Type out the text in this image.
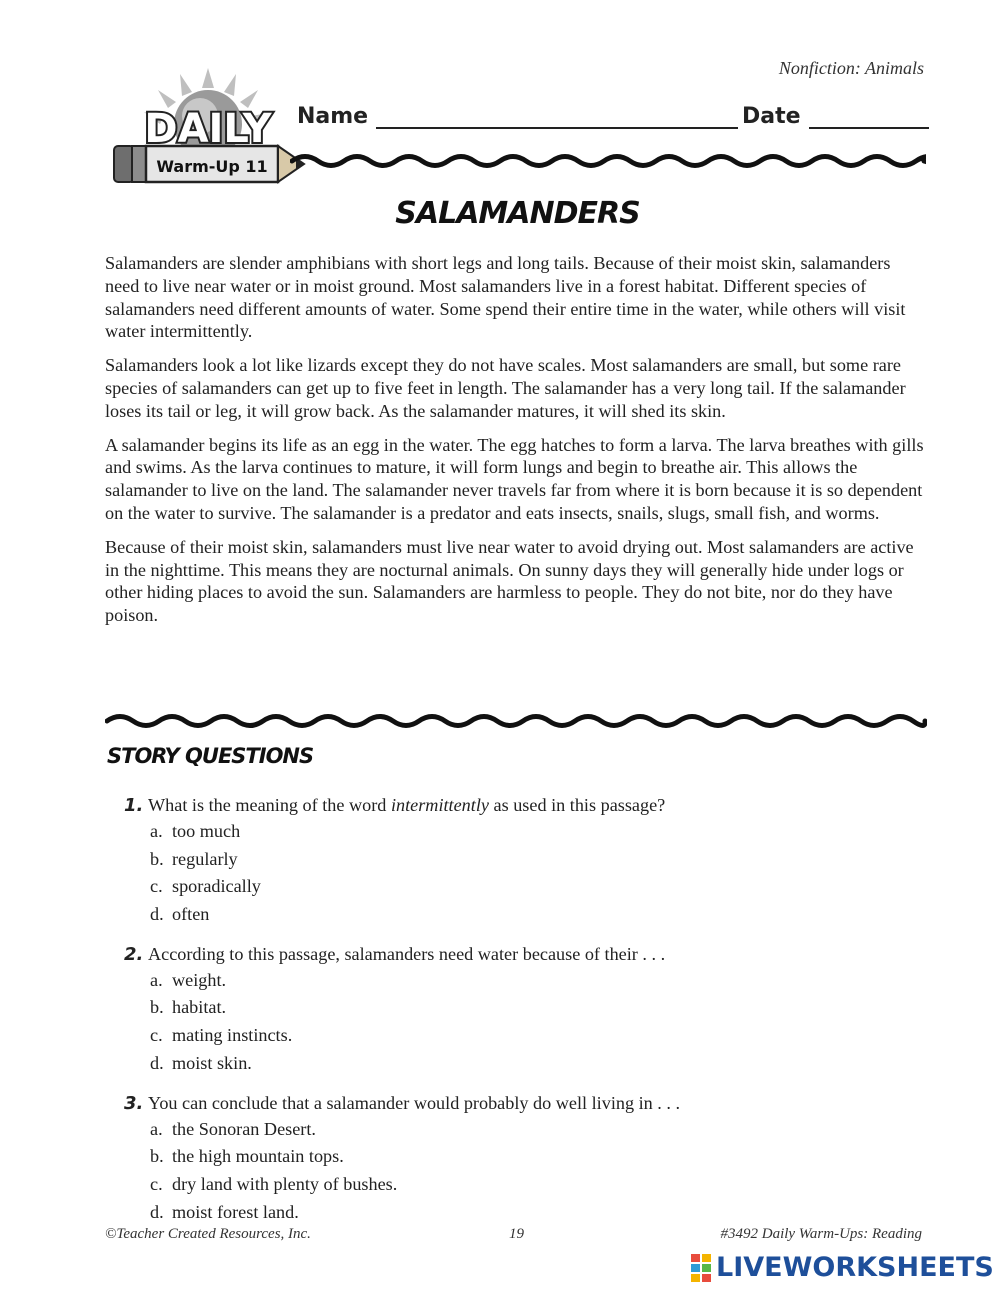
Nonfiction: Animals
DAILY
Warm-Up 11
Name	Date
SALAMANDERS

Salamanders are slender amphibians with short legs and long tails. Because of their moist skin, salamanders need to live near water or in moist ground. Most salamanders live in a forest habitat. Different species of salamanders need different amounts of water. Some spend their entire time in the water, while others will visit water intermittently.

Salamanders look a lot like lizards except they do not have scales. Most salamanders are small, but some rare species of salamanders can get up to five feet in length. The salamander has a very long tail. If the salamander loses its tail or leg, it will grow back. As the salamander matures, it will shed its skin.

A salamander begins its life as an egg in the water. The egg hatches to form a larva. The larva breathes with gills and swims. As the larva continues to mature, it will form lungs and begin to breathe air. This allows the salamander to live on the land. The salamander never travels far from where it is born because it is so dependent on the water to survive. The salamander is a predator and eats insects, snails, slugs, small fish, and worms.

Because of their moist skin, salamanders must live near water to avoid drying out. Most salamanders are active in the nighttime. This means they are nocturnal animals. On sunny days they will generally hide under logs or other hiding places to avoid the sun. Salamanders are harmless to people. They do not bite, nor do they have poison.

STORY QUESTIONS
1. What is the meaning of the word intermittently as used in this passage?
a. too much
b. regularly
c. sporadically
d. often
2. According to this passage, salamanders need water because of their . . .
a. weight.
b. habitat.
c. mating instincts.
d. moist skin.
3. You can conclude that a salamander would probably do well living in . . .
a. the Sonoran Desert.
b. the high mountain tops.
c. dry land with plenty of bushes.
d. moist forest land.
©Teacher Created Resources, Inc.	19	#3492 Daily Warm-Ups: Reading
LIVEWORKSHEETS
